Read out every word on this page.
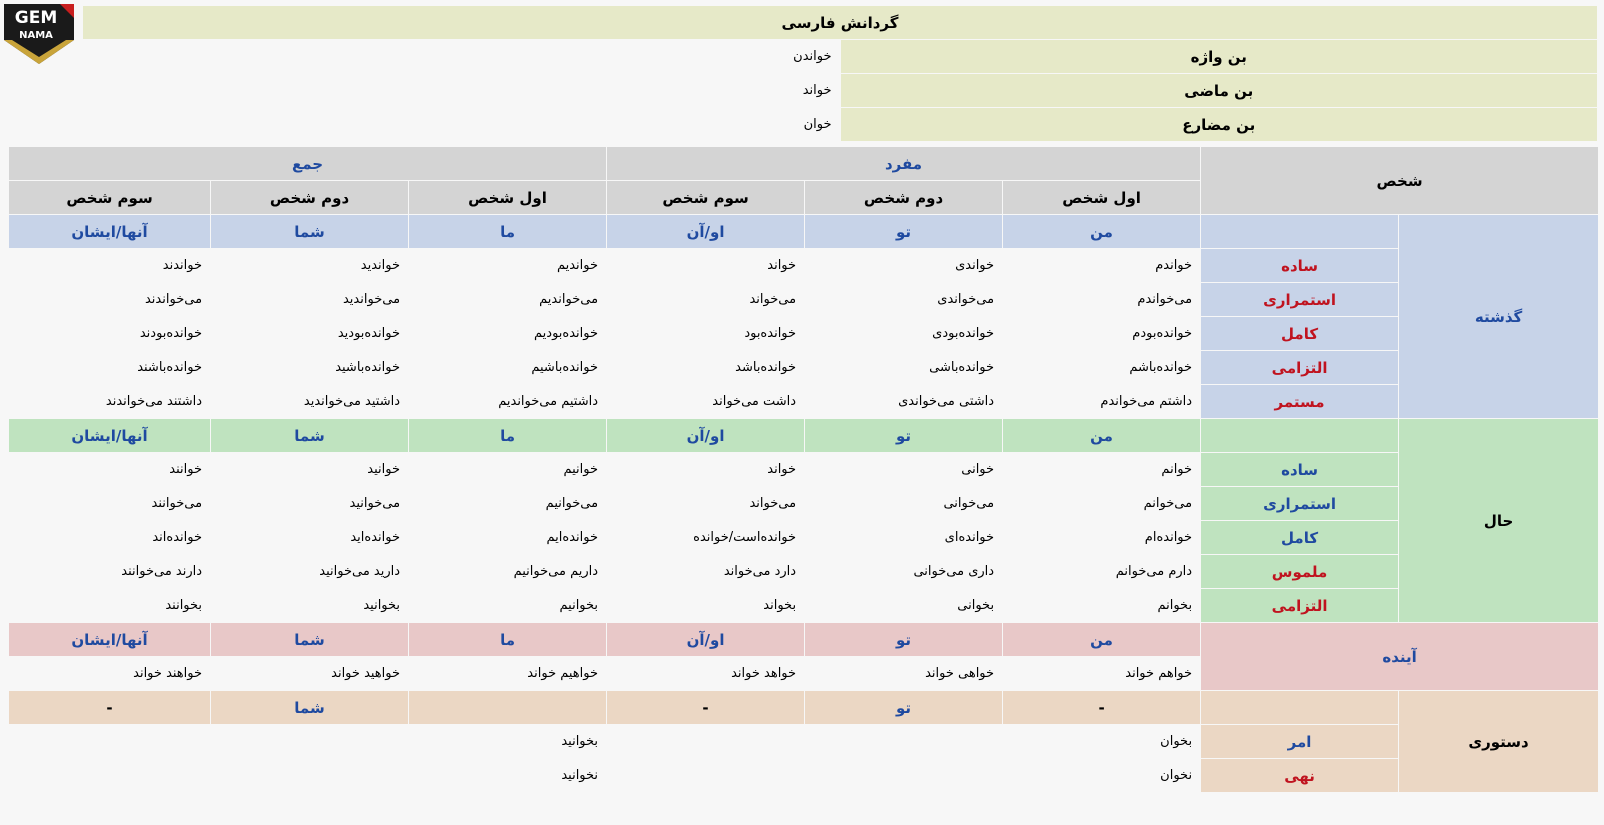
GEM
NAMA
گردانش فارسی	
بن واژه	خواندن
بن ماضی	خواند
بن مضارع	خوان
شخص		مفرد			جمع		
		اول شخص	دوم شخص	سوم شخص	اول شخص	دوم شخص	سوم شخص
گذشته		من	تو	او/آن	ما	شما	آنها/ایشان
	ساده	خواندم	خواندی	خواند	خواندیم	خواندید	خواندند
	استمراری	می‌خواندم	می‌خواندی	می‌خواند	می‌خواندیم	می‌خواندید	می‌خواندند
	کامل	خوانده‌بودم	خوانده‌بودی	خوانده‌بود	خوانده‌بودیم	خوانده‌بودید	خوانده‌بودند
	التزامی	خوانده‌باشم	خوانده‌باشی	خوانده‌باشد	خوانده‌باشیم	خوانده‌باشید	خوانده‌باشند
	مستمر	داشتم می‌خواندم	داشتی می‌خواندی	داشت می‌خواند	داشتیم می‌خواندیم	داشتید می‌خواندید	داشتند می‌خواندند
حال		من	تو	او/آن	ما	شما	آنها/ایشان
	ساده	خوانم	خوانی	خواند	خوانیم	خوانید	خوانند
	استمراری	می‌خوانم	می‌خوانی	می‌خواند	می‌خوانیم	می‌خوانید	می‌خوانند
	کامل	خوانده‌ام	خوانده‌ای	خوانده‌است/خوانده	خوانده‌ایم	خوانده‌اید	خوانده‌اند
	ملموس	دارم می‌خوانم	داری می‌خوانی	دارد می‌خواند	داریم می‌خوانیم	دارید می‌خوانید	دارند می‌خوانند
	التزامی	بخوانم	بخوانی	بخواند	بخوانیم	بخوانید	بخوانند
آینده		من	تو	او/آن	ما	شما	آنها/ایشان
		خواهم خواند	خواهی خواند	خواهد خواند	خواهیم خواند	خواهید خواند	خواهند خواند
دستوری		-	تو	-		شما	-
	امر	بخوان			بخوانید		
	نهی	نخوان			نخوانید		
